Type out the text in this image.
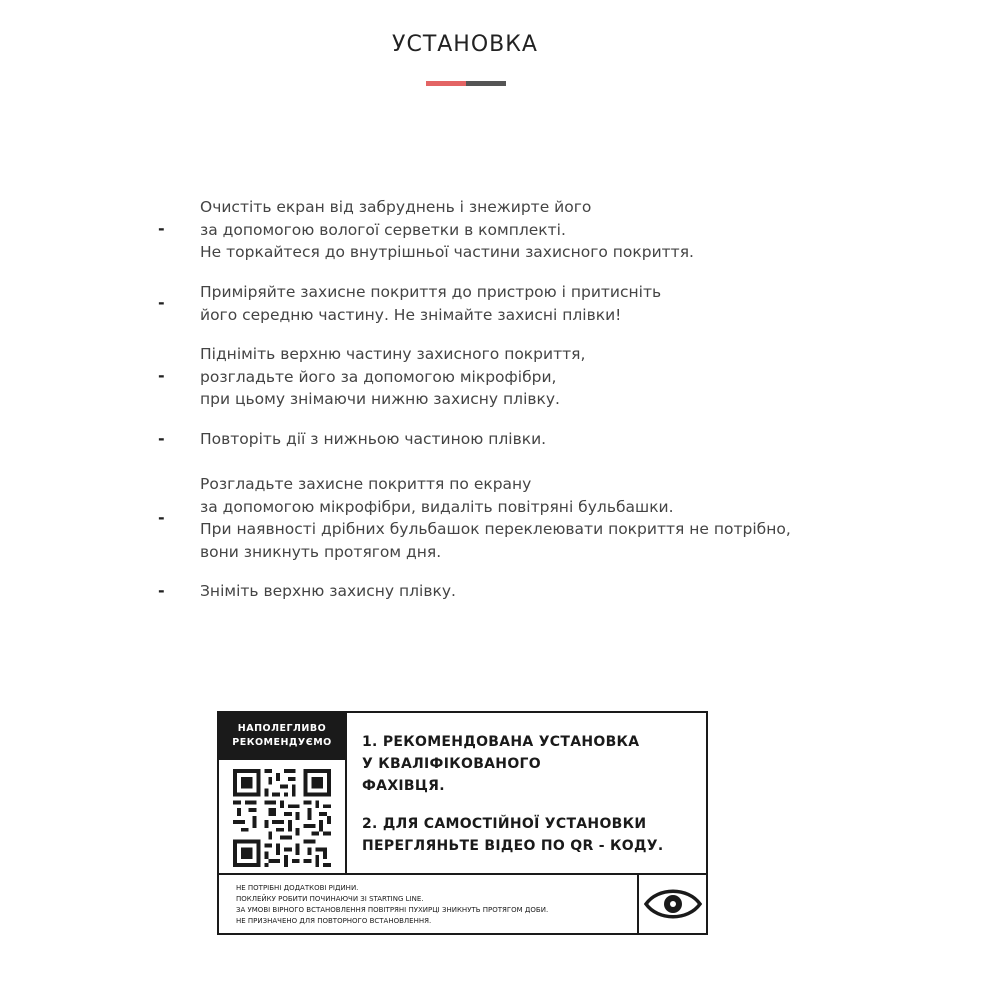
УСТАНОВКА
-
Очистіть екран від забруднень і знежирте його
за допомогою вологої серветки в комплекті.
Не торкайтеся до внутрішньої частини захисного покриття.
-
Приміряйте захисне покриття до пристрою і притисніть
його середню частину. Не знімайте захисні плівки!
-
Підніміть верхню частину захисного покриття,
розгладьте його за допомогою мікрофібри,
при цьому знімаючи нижню захисну плівку.
- Повторіть дії з нижньою частиною плівки.
-
Розгладьте захисне покриття по екрану
за допомогою мікрофібри, видаліть повітряні бульбашки.
При наявності дрібних бульбашок переклеювати покриття не потрібно,
вони зникнуть протягом дня.
- Зніміть верхню захисну плівку.
НАПОЛЕГЛИВО
РЕКОМЕНДУЄМО	1. РЕКОМЕНДОВАНА УСТАНОВКА
У КВАЛІФІКОВАНОГО
ФАХІВЦЯ.
2. ДЛЯ САМОСТІЙНОЇ УСТАНОВКИ
ПЕРЕГЛЯНЬТЕ ВІДЕО ПО QR - КОДУ.
НЕ ПОТРІБНІ ДОДАТКОВІ РІДИНИ.
ПОКЛЕЙКУ РОБИТИ ПОЧИНАЮЧИ ЗІ STARTING LINE.
ЗА УМОВІ ВІРНОГО ВСТАНОВЛЕННЯ ПОВІТРЯНІ ПУХИРЦІ ЗНИКНУТЬ ПРОТЯГОМ ДОБИ.
НЕ ПРИЗНАЧЕНО ДЛЯ ПОВТОРНОГО ВСТАНОВЛЕННЯ.
